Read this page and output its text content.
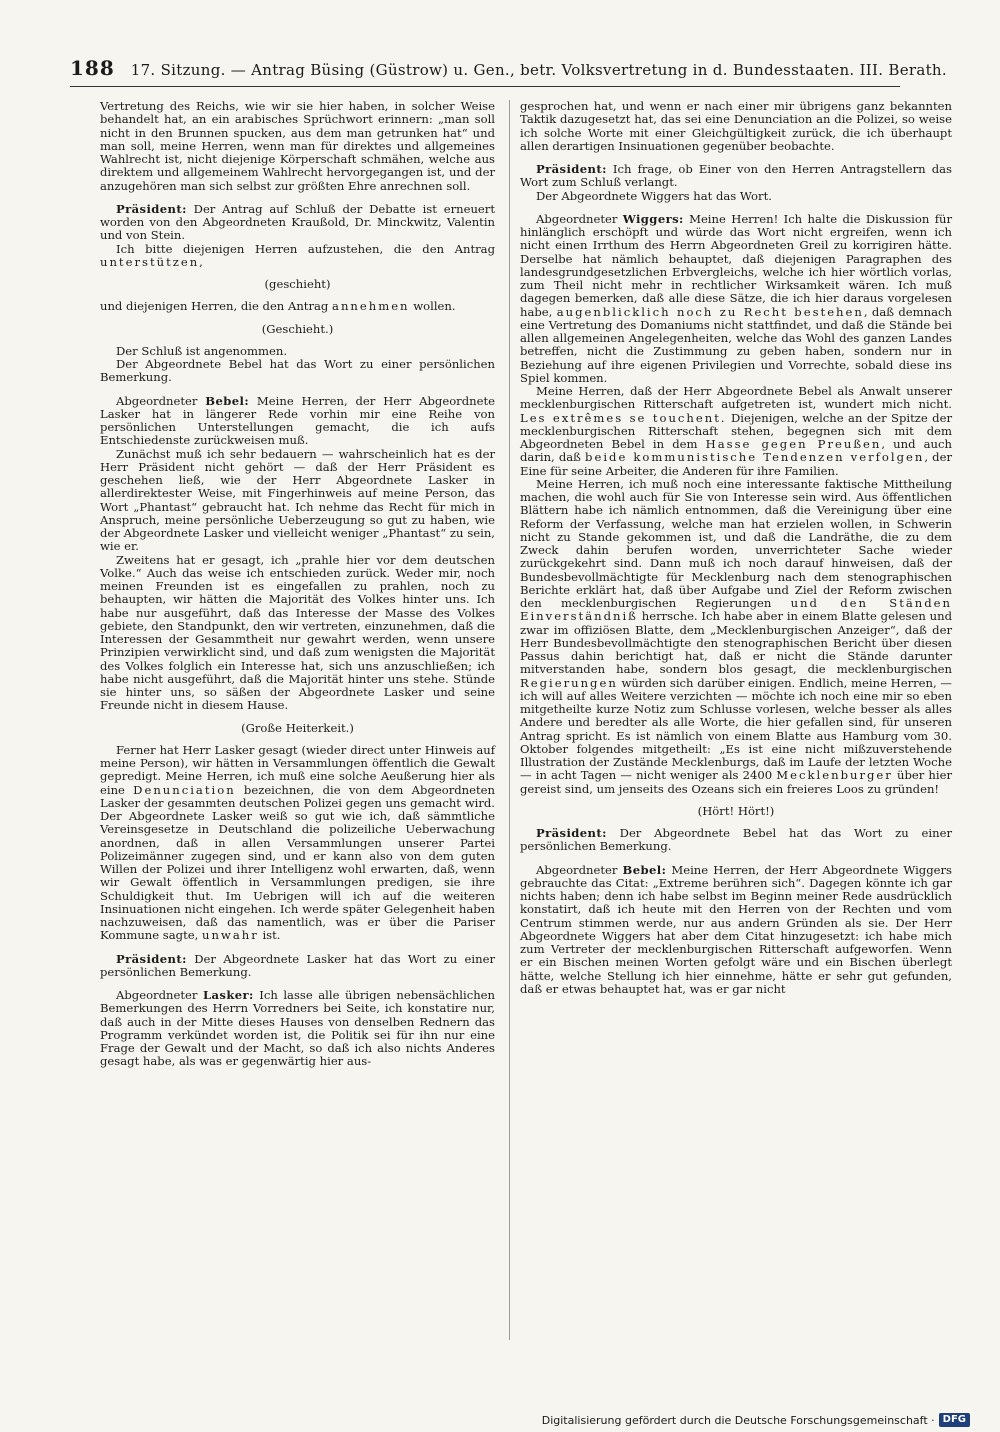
188 17. Sitzung. — Antrag Büsing (Güstrow) u. Gen., betr. Volksvertretung in d. Bundesstaaten. III. Berath.

Vertretung des Reichs, wie wir sie hier haben, in solcher Weise behandelt hat, an ein arabisches Sprüchwort erinnern: „man soll nicht in den Brunnen spucken, aus dem man getrunken hat“ und man soll, meine Herren, wenn man für direktes und allgemeines Wahlrecht ist, nicht diejenige Körperschaft schmähen, welche aus direktem und allgemeinem Wahlrecht hervorgegangen ist, und der anzugehören man sich selbst zur größten Ehre anrechnen soll.

Präsident: Der Antrag auf Schluß der Debatte ist erneuert worden von den Abgeordneten Kraußold, Dr. Minckwitz, Valentin und von Stein.

Ich bitte diejenigen Herren aufzustehen, die den Antrag unterstützen,

(geschieht)

und diejenigen Herren, die den Antrag annehmen wollen.

(Geschieht.)

Der Schluß ist angenommen.

Der Abgeordnete Bebel hat das Wort zu einer persönlichen Bemerkung.

Abgeordneter Bebel: Meine Herren, der Herr Abgeordnete Lasker hat in längerer Rede vorhin mir eine Reihe von persönlichen Unterstellungen gemacht, die ich aufs Entschiedenste zurückweisen muß.

Zunächst muß ich sehr bedauern — wahrscheinlich hat es der Herr Präsident nicht gehört — daß der Herr Präsident es geschehen ließ, wie der Herr Abgeordnete Lasker in allerdirektester Weise, mit Fingerhinweis auf meine Person, das Wort „Phantast“ gebraucht hat. Ich nehme das Recht für mich in Anspruch, meine persönliche Ueberzeugung so gut zu haben, wie der Abgeordnete Lasker und vielleicht weniger „Phantast“ zu sein, wie er.

Zweitens hat er gesagt, ich „prahle hier vor dem deutschen Volke.“ Auch das weise ich entschieden zurück. Weder mir, noch meinen Freunden ist es eingefallen zu prahlen, noch zu behaupten, wir hätten die Majorität des Volkes hinter uns. Ich habe nur ausgeführt, daß das Interesse der Masse des Volkes gebiete, den Standpunkt, den wir vertreten, einzunehmen, daß die Interessen der Gesammtheit nur gewahrt werden, wenn unsere Prinzipien verwirklicht sind, und daß zum wenigsten die Majorität des Volkes folglich ein Interesse hat, sich uns anzuschließen; ich habe nicht ausgeführt, daß die Majorität hinter uns stehe. Stünde sie hinter uns, so säßen der Abgeordnete Lasker und seine Freunde nicht in diesem Hause.

(Große Heiterkeit.)

Ferner hat Herr Lasker gesagt (wieder direct unter Hinweis auf meine Person), wir hätten in Versammlungen öffentlich die Gewalt gepredigt. Meine Herren, ich muß eine solche Aeußerung hier als eine Denunciation bezeichnen, die von dem Abgeordneten Lasker der gesammten deutschen Polizei gegen uns gemacht wird. Der Abgeordnete Lasker weiß so gut wie ich, daß sämmtliche Vereinsgesetze in Deutschland die polizeiliche Ueberwachung anordnen, daß in allen Versammlungen unserer Partei Polizeimänner zugegen sind, und er kann also von dem guten Willen der Polizei und ihrer Intelligenz wohl erwarten, daß, wenn wir Gewalt öffentlich in Versammlungen predigen, sie ihre Schuldigkeit thut. Im Uebrigen will ich auf die weiteren Insinuationen nicht eingehen. Ich werde später Gelegenheit haben nachzuweisen, daß das namentlich, was er über die Pariser Kommune sagte, unwahr ist.

Präsident: Der Abgeordnete Lasker hat das Wort zu einer persönlichen Bemerkung.

Abgeordneter Lasker: Ich lasse alle übrigen nebensächlichen Bemerkungen des Herrn Vorredners bei Seite, ich konstatire nur, daß auch in der Mitte dieses Hauses von denselben Rednern das Programm verkündet worden ist, die Politik sei für ihn nur eine Frage der Gewalt und der Macht, so daß ich also nichts Anderes gesagt habe, als was er gegenwärtig hier aus-

gesprochen hat, und wenn er nach einer mir übrigens ganz bekannten Taktik dazugesetzt hat, das sei eine Denunciation an die Polizei, so weise ich solche Worte mit einer Gleichgültigkeit zurück, die ich überhaupt allen derartigen Insinuationen gegenüber beobachte.

Präsident: Ich frage, ob Einer von den Herren Antragstellern das Wort zum Schluß verlangt.

Der Abgeordnete Wiggers hat das Wort.

Abgeordneter Wiggers: Meine Herren! Ich halte die Diskussion für hinlänglich erschöpft und würde das Wort nicht ergreifen, wenn ich nicht einen Irrthum des Herrn Abgeordneten Greil zu korrigiren hätte. Derselbe hat nämlich behauptet, daß diejenigen Paragraphen des landesgrundgesetzlichen Erbvergleichs, welche ich hier wörtlich vorlas, zum Theil nicht mehr in rechtlicher Wirksamkeit wären. Ich muß dagegen bemerken, daß alle diese Sätze, die ich hier daraus vorgelesen habe, augenblicklich noch zu Recht bestehen, daß demnach eine Vertretung des Domaniums nicht stattfindet, und daß die Stände bei allen allgemeinen Angelegenheiten, welche das Wohl des ganzen Landes betreffen, nicht die Zustimmung zu geben haben, sondern nur in Beziehung auf ihre eigenen Privilegien und Vorrechte, sobald diese ins Spiel kommen.

Meine Herren, daß der Herr Abgeordnete Bebel als Anwalt unserer mecklenburgischen Ritterschaft aufgetreten ist, wundert mich nicht. Les extrêmes se touchent. Diejenigen, welche an der Spitze der mecklenburgischen Ritterschaft stehen, begegnen sich mit dem Abgeordneten Bebel in dem Hasse gegen Preußen, und auch darin, daß beide kommunistische Tendenzen verfolgen, der Eine für seine Arbeiter, die Anderen für ihre Familien.

Meine Herren, ich muß noch eine interessante faktische Mittheilung machen, die wohl auch für Sie von Interesse sein wird. Aus öffentlichen Blättern habe ich nämlich entnommen, daß die Vereinigung über eine Reform der Verfassung, welche man hat erzielen wollen, in Schwerin nicht zu Stande gekommen ist, und daß die Landräthe, die zu dem Zweck dahin berufen worden, unverrichteter Sache wieder zurückgekehrt sind. Dann muß ich noch darauf hinweisen, daß der Bundesbevollmächtigte für Mecklenburg nach dem stenographischen Berichte erklärt hat, daß über Aufgabe und Ziel der Reform zwischen den mecklenburgischen Regierungen und den Ständen Einverständniß herrsche. Ich habe aber in einem Blatte gelesen und zwar im offiziösen Blatte, dem „Mecklenburgischen Anzeiger“, daß der Herr Bundesbevollmächtigte den stenographischen Bericht über diesen Passus dahin berichtigt hat, daß er nicht die Stände darunter mitverstanden habe, sondern blos gesagt, die mecklenburgischen Regierungen würden sich darüber einigen. Endlich, meine Herren, — ich will auf alles Weitere verzichten — möchte ich noch eine mir so eben mitgetheilte kurze Notiz zum Schlusse vorlesen, welche besser als alles Andere und beredter als alle Worte, die hier gefallen sind, für unseren Antrag spricht. Es ist nämlich von einem Blatte aus Hamburg vom 30. Oktober folgendes mitgetheilt: „Es ist eine nicht mißzuverstehende Illustration der Zustände Mecklenburgs, daß im Laufe der letzten Woche — in acht Tagen — nicht weniger als 2400 Mecklenburger über hier gereist sind, um jenseits des Ozeans sich ein freieres Loos zu gründen!

(Hört! Hört!)

Präsident: Der Abgeordnete Bebel hat das Wort zu einer persönlichen Bemerkung.

Abgeordneter Bebel: Meine Herren, der Herr Abgeordnete Wiggers gebrauchte das Citat: „Extreme berühren sich“. Dagegen könnte ich gar nichts haben; denn ich habe selbst im Beginn meiner Rede ausdrücklich konstatirt, daß ich heute mit den Herren von der Rechten und vom Centrum stimmen werde, nur aus andern Gründen als sie. Der Herr Abgeordnete Wiggers hat aber dem Citat hinzugesetzt: ich habe mich zum Vertreter der mecklenburgischen Ritterschaft aufgeworfen. Wenn er ein Bischen meinen Worten gefolgt wäre und ein Bischen überlegt hätte, welche Stellung ich hier einnehme, hätte er sehr gut gefunden, daß er etwas behauptet hat, was er gar nicht

Digitalisierung gefördert durch die Deutsche Forschungsgemeinschaft · DFG
